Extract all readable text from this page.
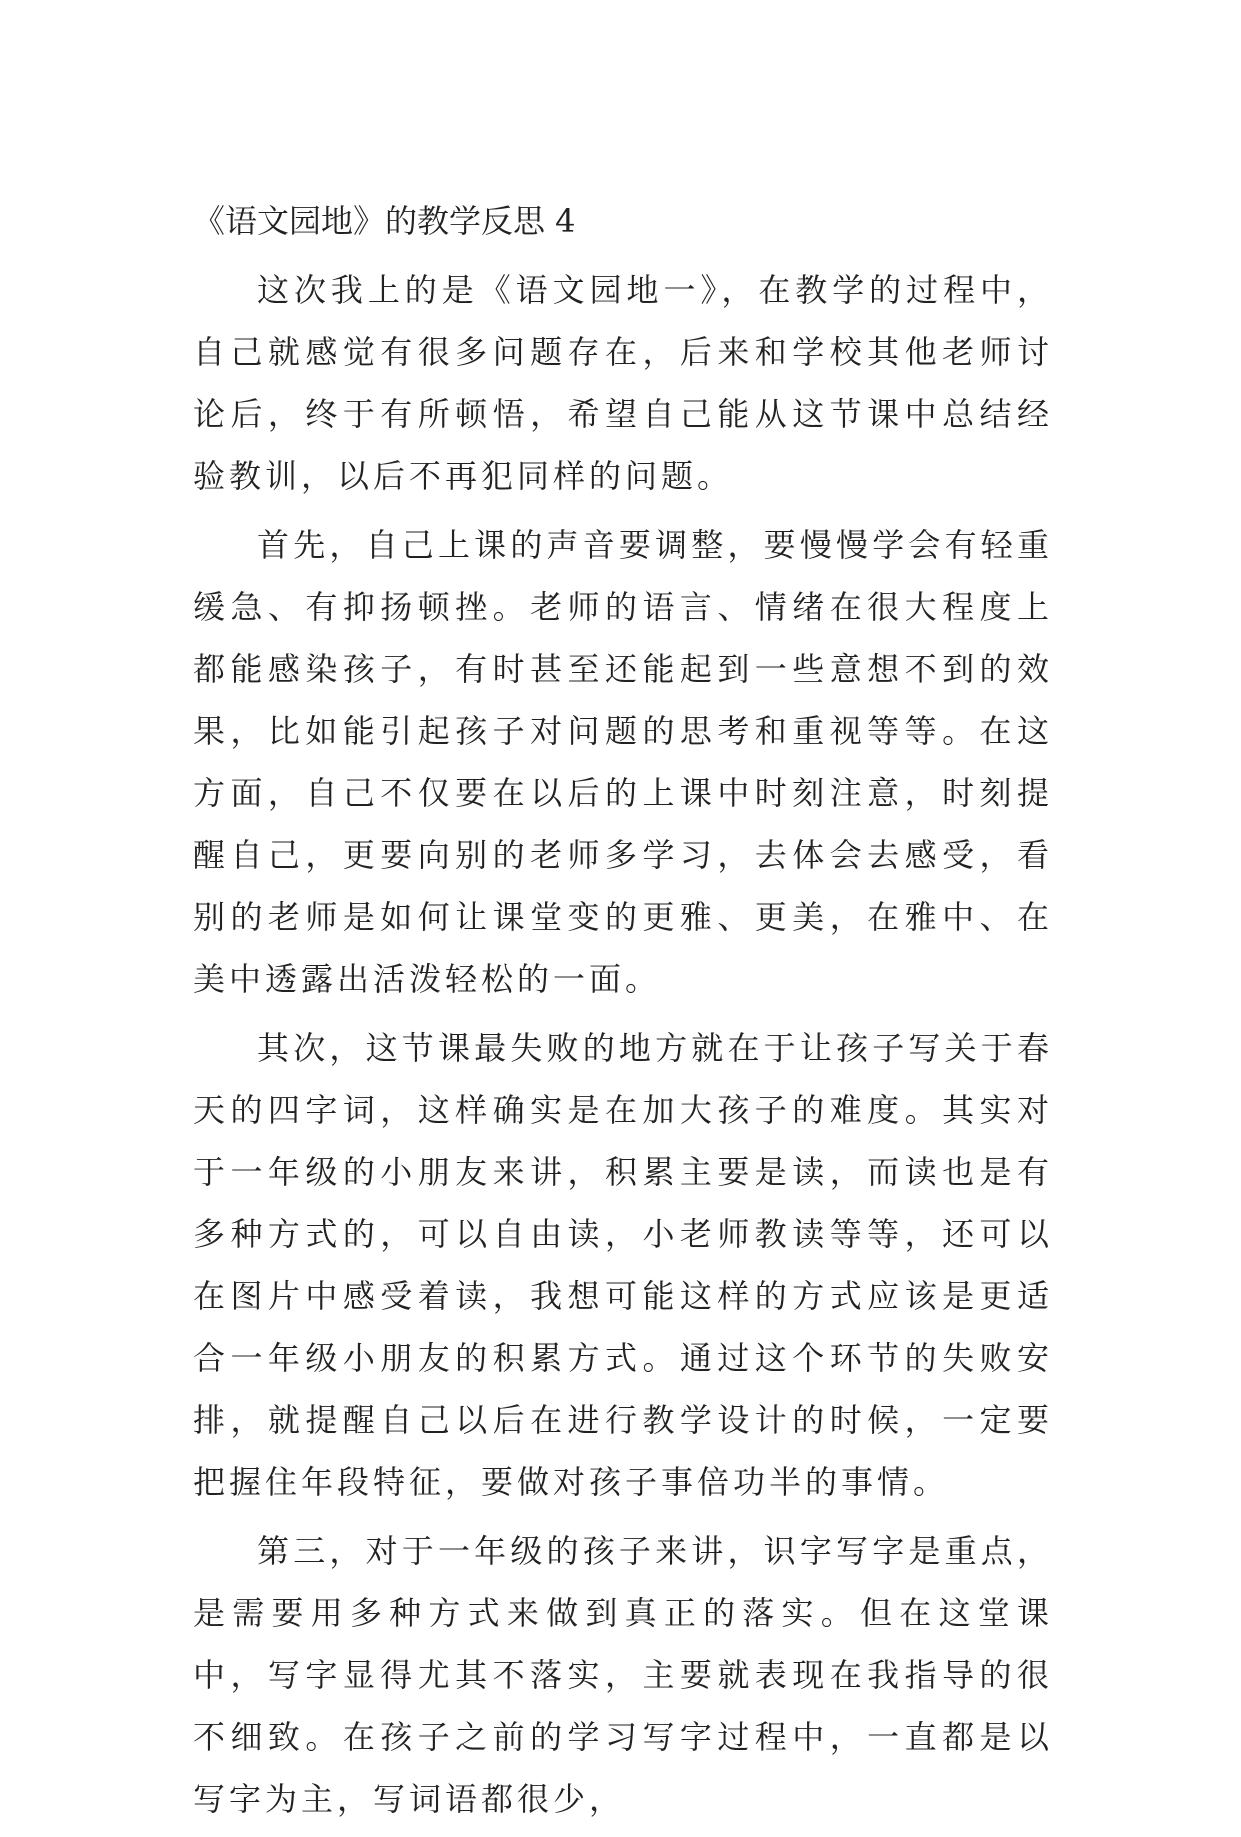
《语文园地》的教学反思 4

这次我上的是《语文园地一》，在教学的过程中，自己就感觉有很多问题存在，后来和学校其他老师讨论后，终于有所顿悟，希望自己能从这节课中总结经验教训，以后不再犯同样的问题。

首先，自己上课的声音要调整，要慢慢学会有轻重缓急、有抑扬顿挫。老师的语言、情绪在很大程度上都能感染孩子，有时甚至还能起到一些意想不到的效果，比如能引起孩子对问题的思考和重视等等。在这方面，自己不仅要在以后的上课中时刻注意，时刻提醒自己，更要向别的老师多学习，去体会去感受，看别的老师是如何让课堂变的更雅、更美，在雅中、在美中透露出活泼轻松的一面。

其次，这节课最失败的地方就在于让孩子写关于春天的四字词，这样确实是在加大孩子的难度。其实对于一年级的小朋友来讲，积累主要是读，而读也是有多种方式的，可以自由读，小老师教读等等，还可以在图片中感受着读，我想可能这样的方式应该是更适合一年级小朋友的积累方式。通过这个环节的失败安排，就提醒自己以后在进行教学设计的时候，一定要把握住年段特征，要做对孩子事倍功半的事情。

第三，对于一年级的孩子来讲，识字写字是重点，是需要用多种方式来做到真正的落实。但在这堂课中，写字显得尤其不落实，主要就表现在我指导的很不细致。在孩子之前的学习写字过程中，一直都是以写字为主，写词语都很少，
